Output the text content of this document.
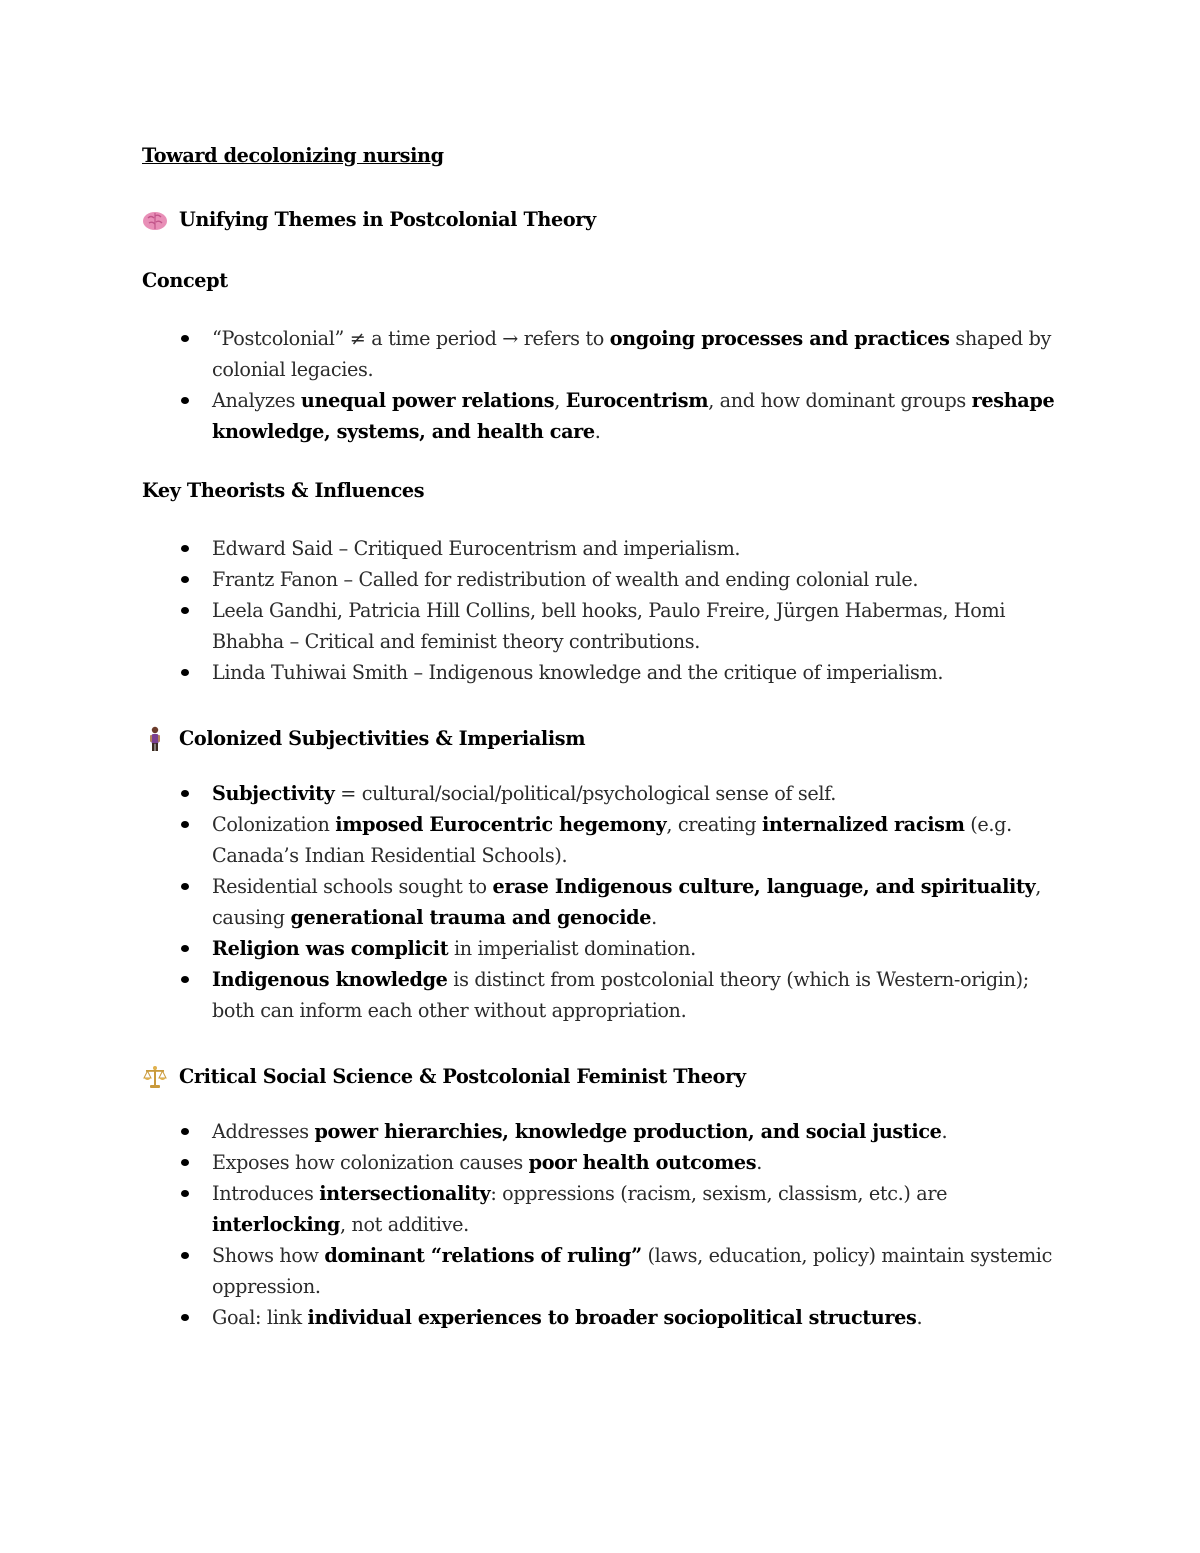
Toward decolonizing nursing
Unifying Themes in Postcolonial Theory
Concept
“Postcolonial” ≠ a time period → refers to ongoing processes and practices shaped by colonial legacies.
Analyzes unequal power relations, Eurocentrism, and how dominant groups reshape knowledge, systems, and health care.
Key Theorists & Influences
Edward Said – Critiqued Eurocentrism and imperialism.
Frantz Fanon – Called for redistribution of wealth and ending colonial rule.
Leela Gandhi, Patricia Hill Collins, bell hooks, Paulo Freire, Jürgen Habermas, Homi Bhabha – Critical and feminist theory contributions.
Linda Tuhiwai Smith – Indigenous knowledge and the critique of imperialism.
Colonized Subjectivities & Imperialism
Subjectivity = cultural/social/political/psychological sense of self.
Colonization imposed Eurocentric hegemony, creating internalized racism (e.g. Canada’s Indian Residential Schools).
Residential schools sought to erase Indigenous culture, language, and spirituality, causing generational trauma and genocide.
Religion was complicit in imperialist domination.
Indigenous knowledge is distinct from postcolonial theory (which is Western-origin); both can inform each other without appropriation.
Critical Social Science & Postcolonial Feminist Theory
Addresses power hierarchies, knowledge production, and social justice.
Exposes how colonization causes poor health outcomes.
Introduces intersectionality: oppressions (racism, sexism, classism, etc.) are interlocking, not additive.
Shows how dominant “relations of ruling” (laws, education, policy) maintain systemic oppression.
Goal: link individual experiences to broader sociopolitical structures.
